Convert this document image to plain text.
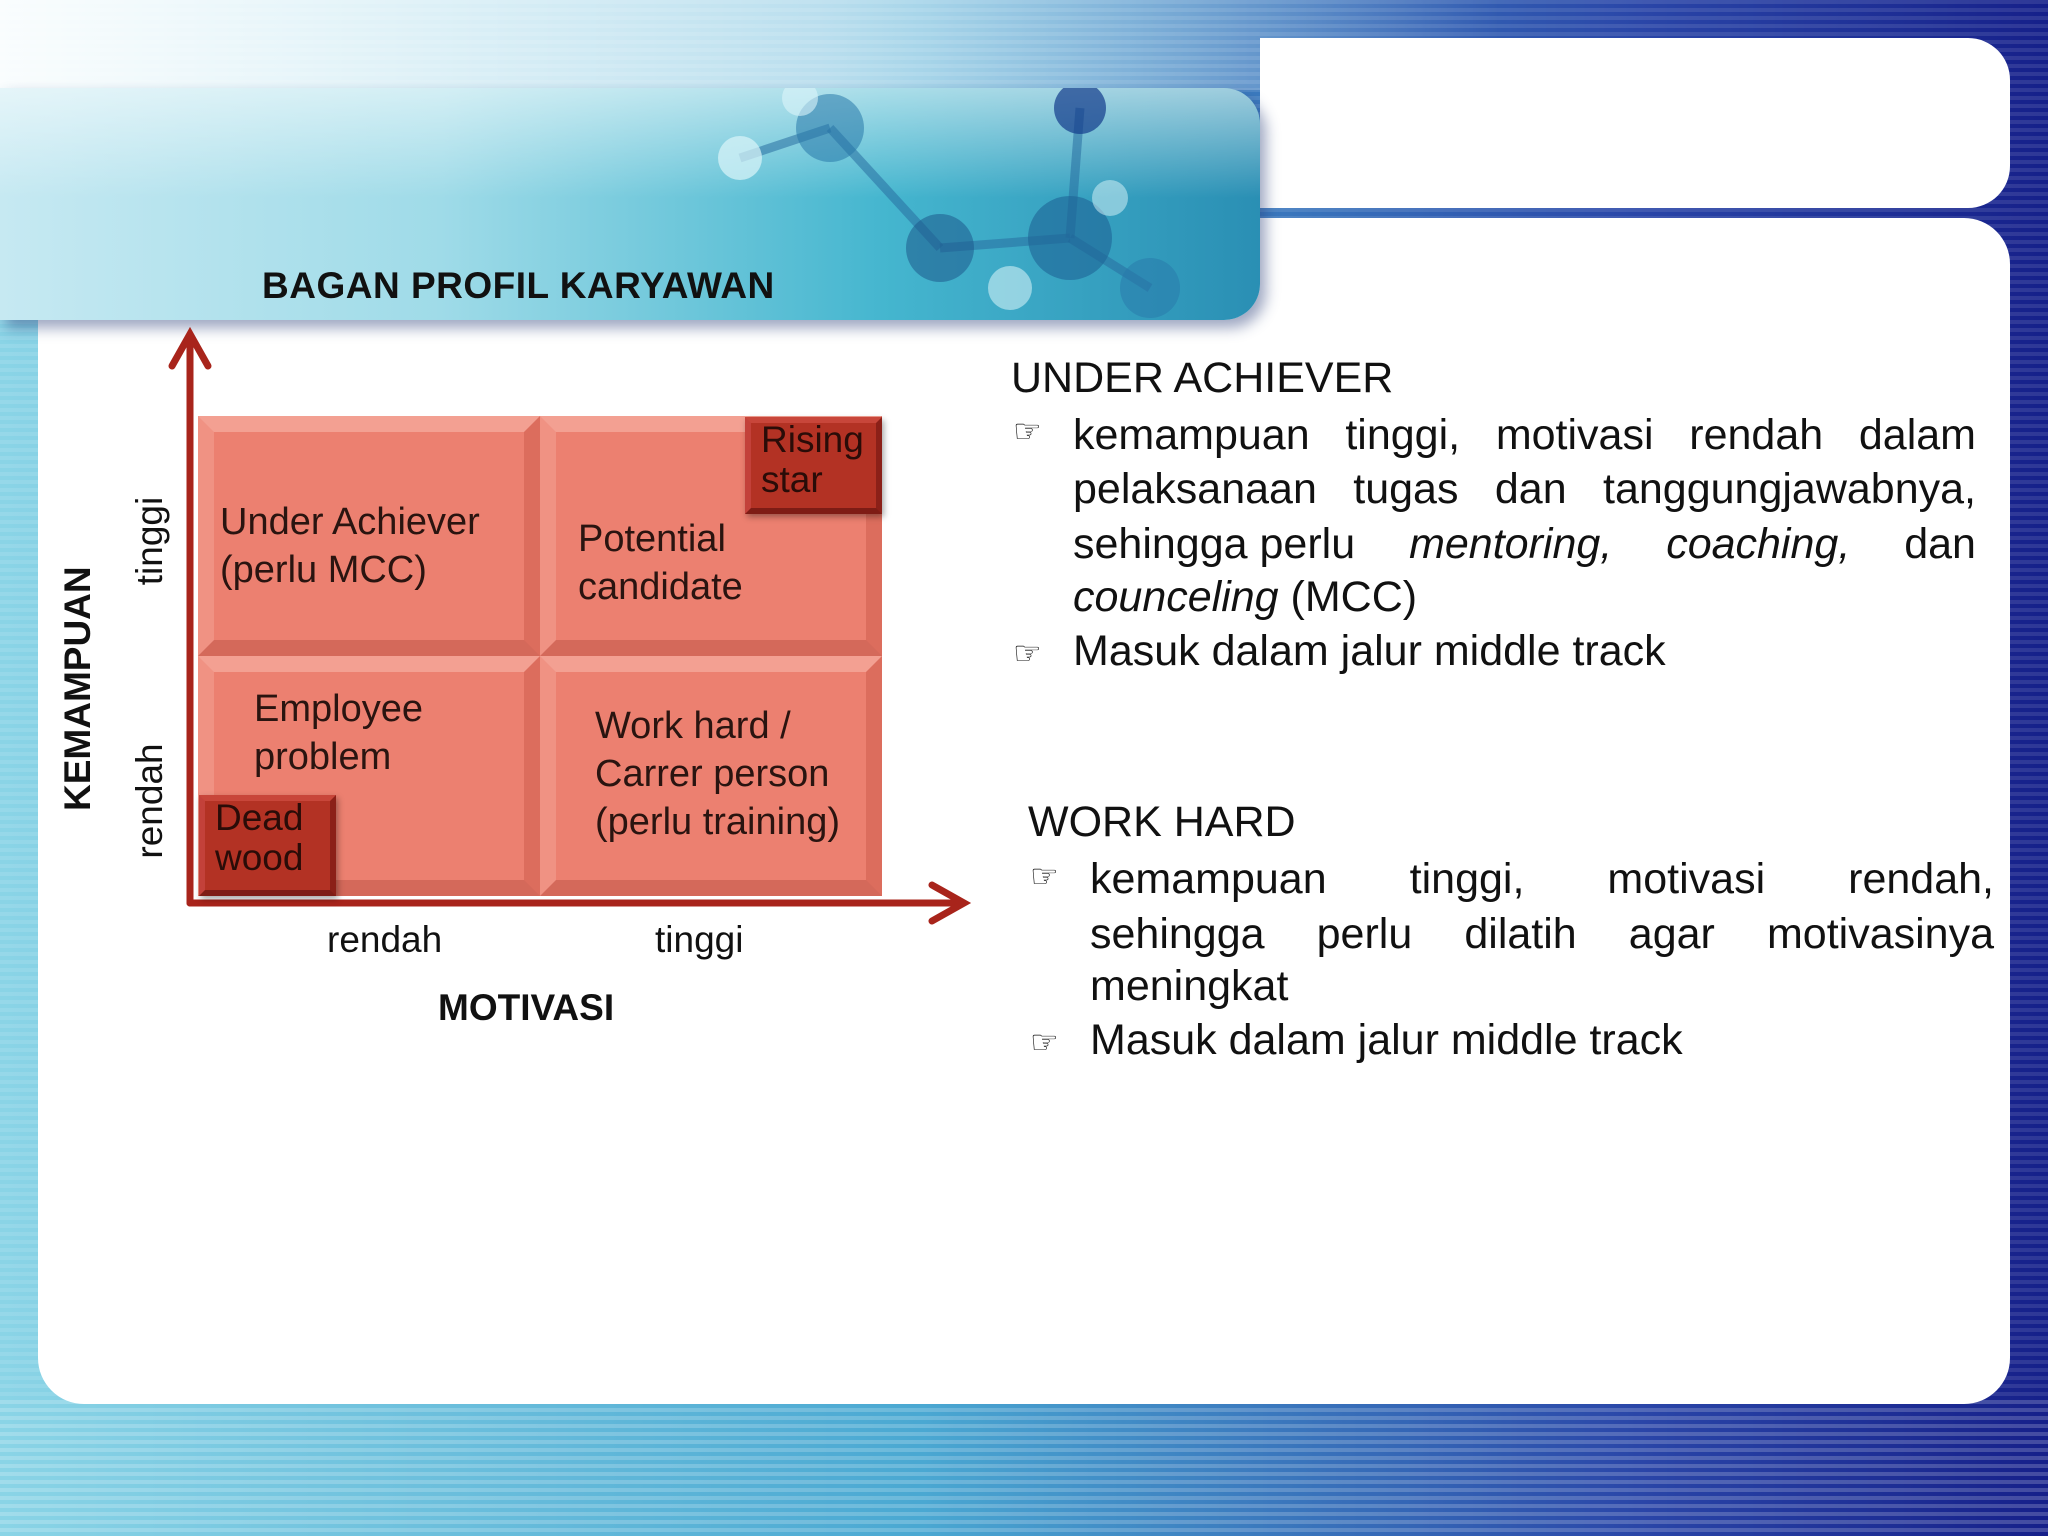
BAGAN PROFIL KARYAWAN
Under Achiever
(perlu MCC)
Potential
candidate
Employee
problem
Work hard /
Carrer person
(perlu training)
Rising
star
Dead
wood
tinggi
rendah
KEMAMPUAN
rendah	tinggi
MOTIVASI
UNDER ACHIEVER
☞ kemampuan tinggi, motivasi rendah dalam
pelaksanaan tugas dan tanggungjawabnya,
sehingga perlu mentoring, coaching, dan
counceling (MCC)
☞ Masuk dalam jalur middle track
WORK HARD
☞ kemampuan tinggi, motivasi rendah,
sehingga perlu dilatih agar motivasinya
meningkat
☞ Masuk dalam jalur middle track
